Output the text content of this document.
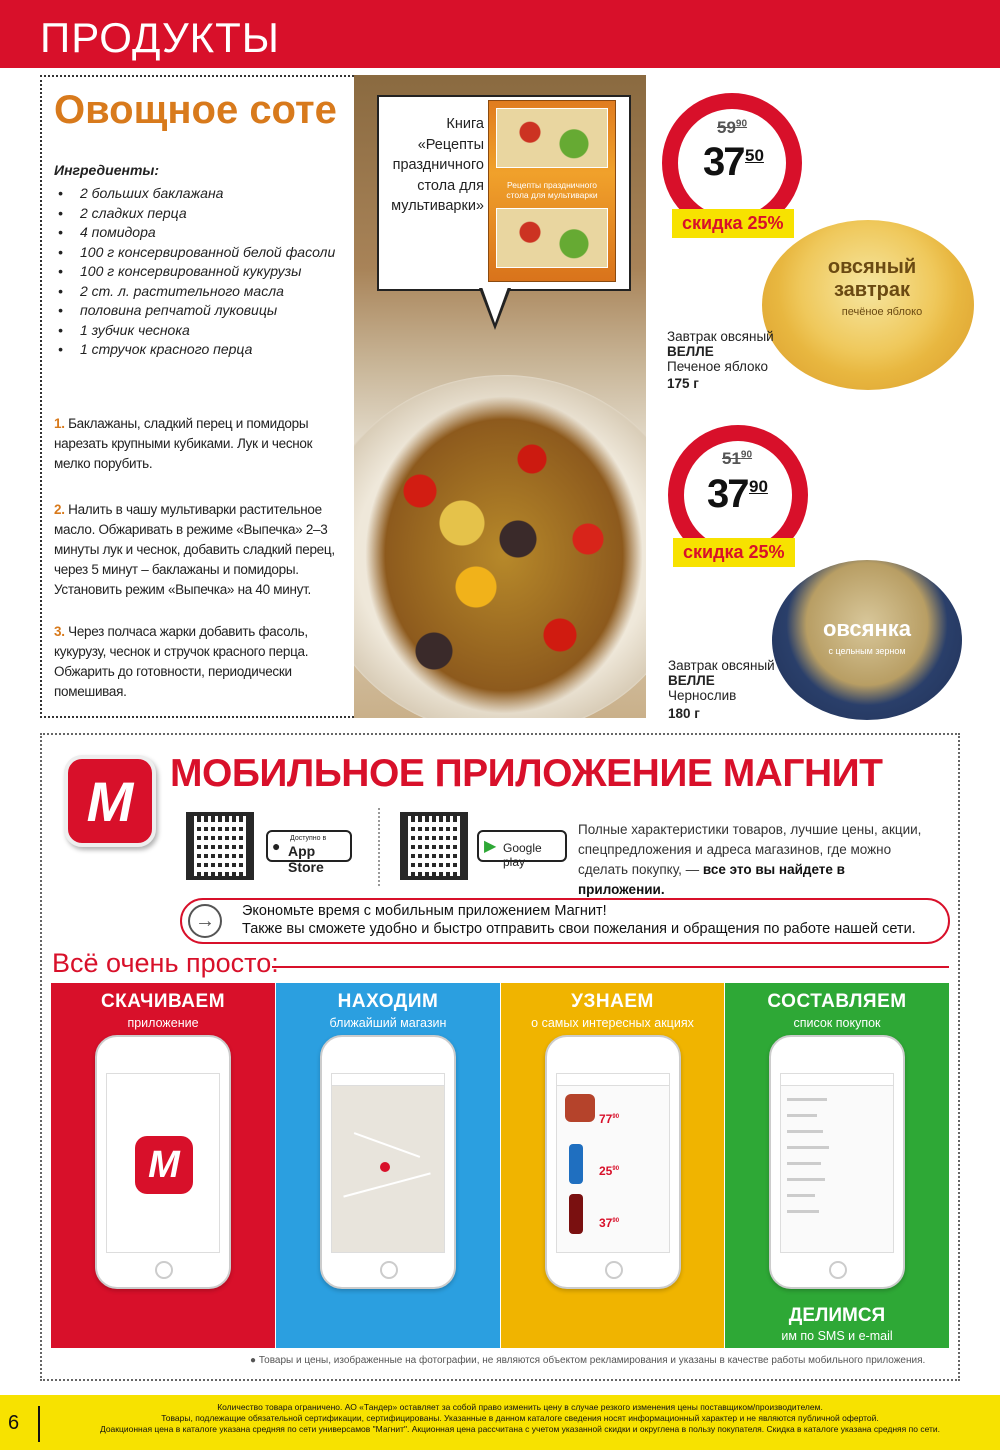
ПРОДУКТЫ
Овощное соте
Ингредиенты:
• 2 больших баклажана
• 2 сладких перца
• 4 помидора
• 100 г консервированной белой фасоли
• 100 г консервированной кукурузы
• 2 ст. л. растительного масла
• половина репчатой луковицы
• 1 зубчик чеснока
• 1 стручок красного перца
1. Баклажаны, сладкий перец и помидоры нарезать крупными кубиками. Лук и чеснок мелко порубить.
2. Налить в чашу мультиварки растительное масло. Обжаривать в режиме «Выпечка» 2–3 минуты лук и чеснок, добавить сладкий перец, через 5 минут – баклажаны и помидоры. Установить режим «Выпечка» на 40 минут.
3. Через полчаса жарки добавить фасоль, кукурузу, чеснок и стручок красного перца. Обжарить до готовности, периодически помешивая.
Книга «Рецепты праздничного стола для мультиварки»
Рецепты праздничного стола для мультиварки
$59^{90}$
37 50
скидка 25%
овсяный завтрак
печёное яблоко
Завтрак овсяный
ВЕЛЛЕ
Печеное яблоко
175 г
$51^{90}$
37 90
скидка 25%
овсянка
с цельным зерном
Завтрак овсяный
ВЕЛЛЕ
Чернослив
180 г
М МОБИЛЬНОЕ ПРИЛОЖЕНИЕ МАГНИТ
Доступно в
App Store
●	▶ Google play
Полные характеристики товаров, лучшие цены, акции, спецпредложения и адреса магазинов, где можно сделать покупку, — все это вы найдете в приложении.
→	Экономьте время с мобильным приложением Магнит!
Также вы сможете удобно и быстро отправить свои пожелания и обращения по работе нашей сети.
Всё очень просто:
СКАЧИВАЕМ
приложение
М
НАХОДИМ
ближайший магазин
УЗНАЕМ
о самых интересных акциях
$77^{90}$
$25^{90}$
$37^{90}$
СОСТАВЛЯЕМ
список покупок
ДЕЛИМСЯ
им по SMS и e-mail
● Товары и цены, изображенные на фотографии, не являются объектом рекламирования и указаны в качестве работы мобильного приложения.
6
Количество товара ограничено. АО «Тандер» оставляет за собой право изменить цену в случае резкого изменения цены поставщиком/производителем.
Товары, подлежащие обязательной сертификации, сертифицированы. Указанные в данном каталоге сведения носят информационный характер и не являются публичной офертой.
Доакционная цена в каталоге указана средняя по сети универсамов "Магнит". Акционная цена рассчитана с учетом указанной скидки и округлена в пользу покупателя. Скидка в каталоге указана средняя по сети.
